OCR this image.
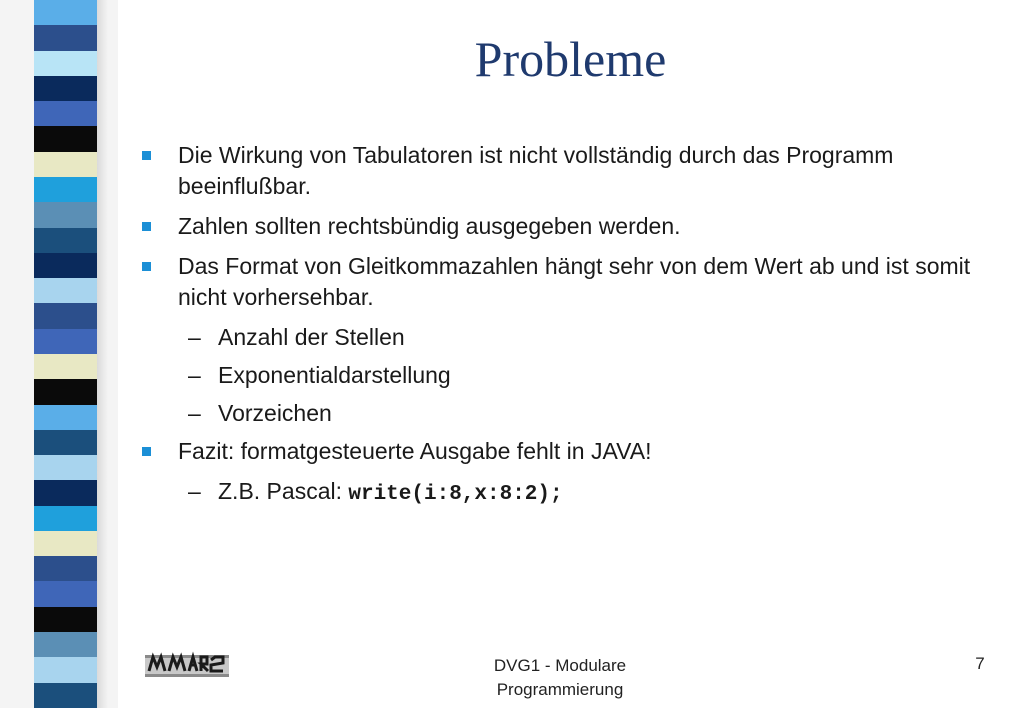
Probleme
Die Wirkung von Tabulatoren ist nicht vollständig durch das Programm beeinflußbar.
Zahlen sollten rechtsbündig ausgegeben werden.
Das Format von Gleitkommazahlen hängt sehr von dem Wert ab und ist somit nicht vorhersehbar.
– Anzahl der Stellen
– Exponentialdarstellung
– Vorzeichen
Fazit: formatgesteuerte Ausgabe fehlt in JAVA!
– Z.B. Pascal: write(i:8,x:8:2);
DVG1 - Modulare
Programmierung
7
